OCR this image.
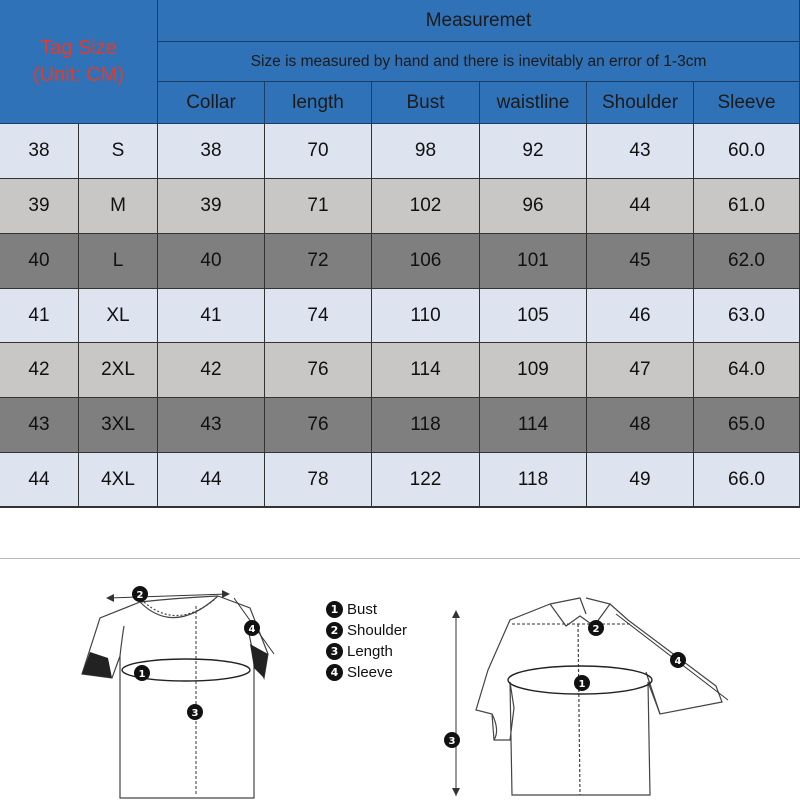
Tag Size
(Unit: CM)
Measuremet
Size is measured by hand and there is inevitably an error of 1-3cm
Collar	length	Bust	waistline Shoulder Sleeve
38	S	38	70	98	92	43	60.0
39	M	39	71	102	96	44	61.0
40	L	40	72	106	101	45	62.0
41	XL	41	74	110	105	46	63.0
42	2XL	42	76	114	109	47	64.0
43	3XL	43	76	118	114	48	65.0
44	4XL	44	78	122	118	49	66.0
2
1
3
4
1 Bust
2 Shoulder
3 Length
4 Sleeve
2
1
3
4
